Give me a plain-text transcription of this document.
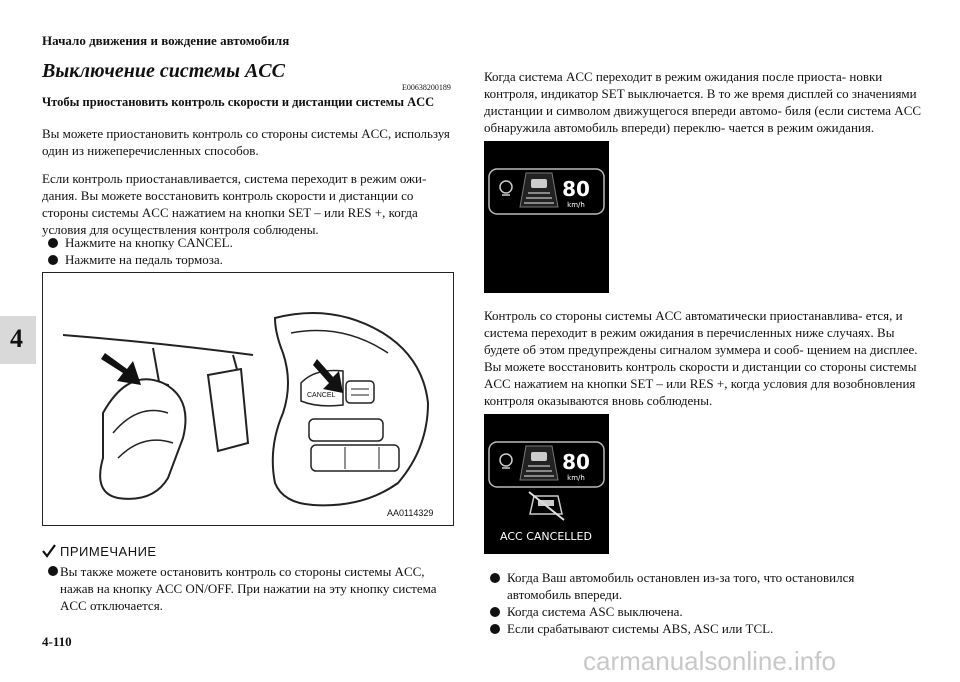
Начало движения и вождение автомобиля
4
Выключение системы ACC
E00638200189
Чтобы приостановить контроль скорости и дистанции системы ACC
Вы можете приостановить контроль со стороны системы ACC, используя один из нижеперечисленных способов.
Если контроль приостанавливается, система переходит в режим ожи- дания. Вы можете восстановить контроль скорости и дистанции со стороны системы ACC нажатием на кнопки SET – или RES +, когда условия для осуществления контроля соблюдены.
Нажмите на кнопку CANCEL.
Нажмите на педаль тормоза.
CANCEL
AA0114329
ПРИМЕЧАНИЕ
Вы также можете остановить контроль со стороны системы ACC, нажав на кнопку ACC ON/OFF. При нажатии на эту кнопку система ACC отключается.
Когда система ACC переходит в режим ожидания после приоста- новки контроля, индикатор SET выключается. В то же время дисплей со значениями дистанции и символом движущегося впереди автомо- биля (если система ACC обнаружила автомобиль впереди) переклю- чается в режим ожидания.
80
km/h
Контроль со стороны системы ACC автоматически приостанавлива- ется, и система переходит в режим ожидания в перечисленных ниже случаях. Вы будете об этом предупреждены сигналом зуммера и сооб- щением на дисплее. Вы можете восстановить контроль скорости и дистанции со стороны системы ACC нажатием на кнопки SET – или RES +, когда условия для возобновления контроля оказываются вновь соблюдены.
80
km/h
ACC CANCELLED
Когда Ваш автомобиль остановлен из-за того, что остановился
автомобиль впереди.
Когда система ASC выключена.
Если срабатывают системы ABS, ASC или TCL.
4-110
carmanualsonline.info
